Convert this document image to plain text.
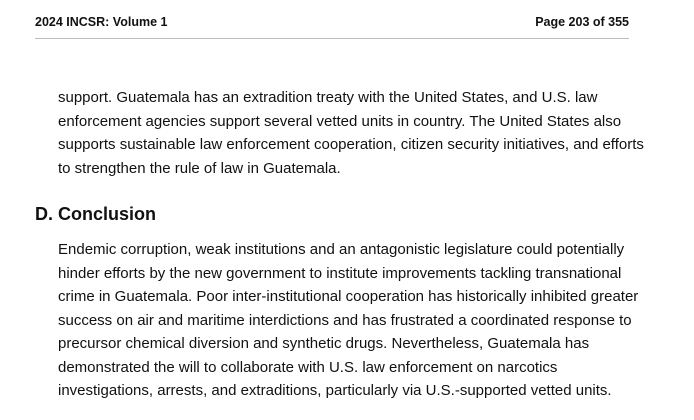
2024 INCSR: Volume 1	Page 203 of 355

support. Guatemala has an extradition treaty with the United States, and U.S. law
enforcement agencies support several vetted units in country. The United States also
supports sustainable law enforcement cooperation, citizen security initiatives, and efforts
to strengthen the rule of law in Guatemala.

D. Conclusion

Endemic corruption, weak institutions and an antagonistic legislature could potentially
hinder efforts by the new government to institute improvements tackling transnational
crime in Guatemala. Poor inter-institutional cooperation has historically inhibited greater
success on air and maritime interdictions and has frustrated a coordinated response to
precursor chemical diversion and synthetic drugs. Nevertheless, Guatemala has
demonstrated the will to collaborate with U.S. law enforcement on narcotics
investigations, arrests, and extraditions, particularly via U.S.-supported vetted units.
